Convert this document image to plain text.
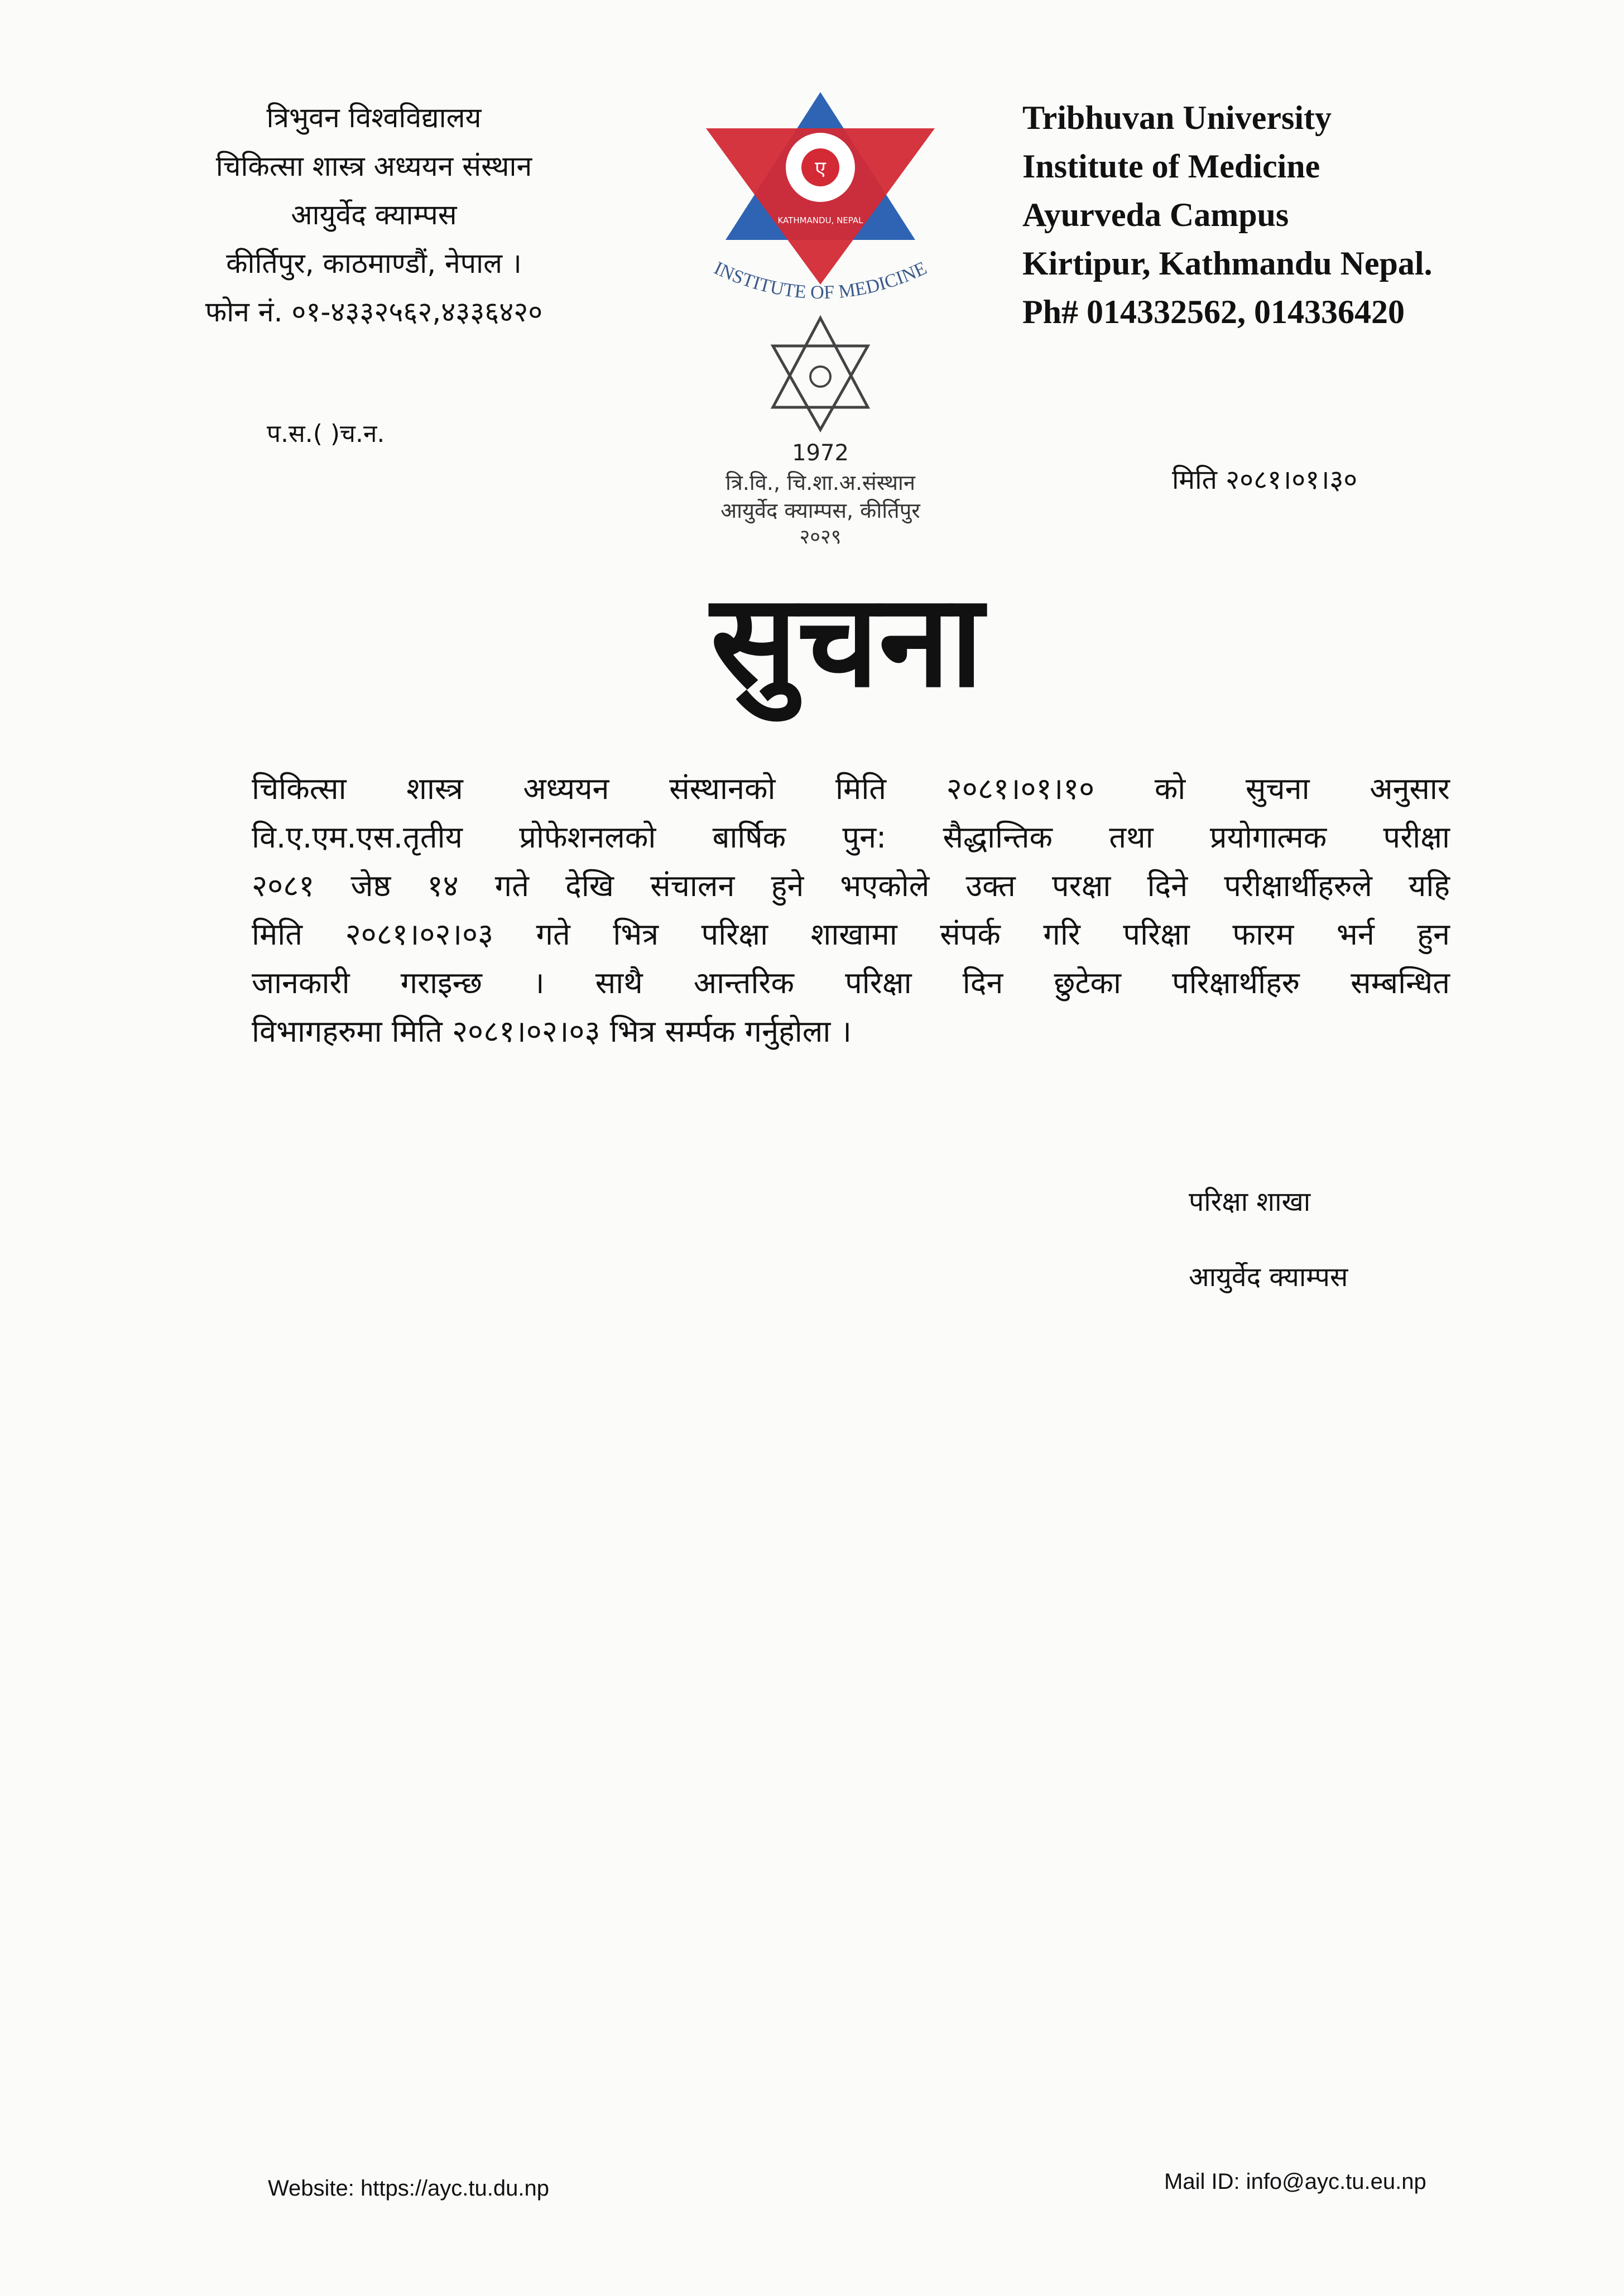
त्रिभुवन विश्वविद्यालय
चिकित्सा शास्त्र अध्ययन संस्थान
आयुर्वेद क्याम्पस
कीर्तिपुर, काठमाण्डौं, नेपाल ।
फोन नं. ०१-४३३२५६२,४३३६४२०
Tribhuvan University
Institute of Medicine
Ayurveda Campus
Kirtipur, Kathmandu Nepal.
Ph# 014332562, 014336420
ए
KATHMANDU, NEPAL
INSTITUTE OF MEDICINE
1972
त्रि.वि., चि.शा.अ.संस्थान
आयुर्वेद क्याम्पस, कीर्तिपुर
२०२९
प.स.( )च.न.
मिति २०८१।०१।३०
सुचना
चिकित्सा शास्त्र अध्ययन संस्थानको मिति २०८१।०१।१० को सुचना अनुसार
वि.ए.एम.एस.तृतीय प्रोफेशनलको बार्षिक पुन: सैद्धान्तिक तथा प्रयोगात्मक परीक्षा
२०८१ जेष्ठ १४ गते देखि संचालन हुने भएकोले उक्त परक्षा दिने परीक्षार्थीहरुले यहि
मिति २०८१।०२।०३ गते भित्र परिक्षा शाखामा संपर्क गरि परिक्षा फारम भर्न हुन
जानकारी गराइन्छ । साथै आन्तरिक परिक्षा दिन छुटेका परिक्षार्थीहरु सम्बन्धित
विभागहरुमा मिति २०८१।०२।०३ भित्र सर्म्पक गर्नुहोला ।
परिक्षा शाखा
आयुर्वेद क्याम्पस
Website: https://ayc.tu.du.np	Mail ID: info@ayc.tu.eu.np
